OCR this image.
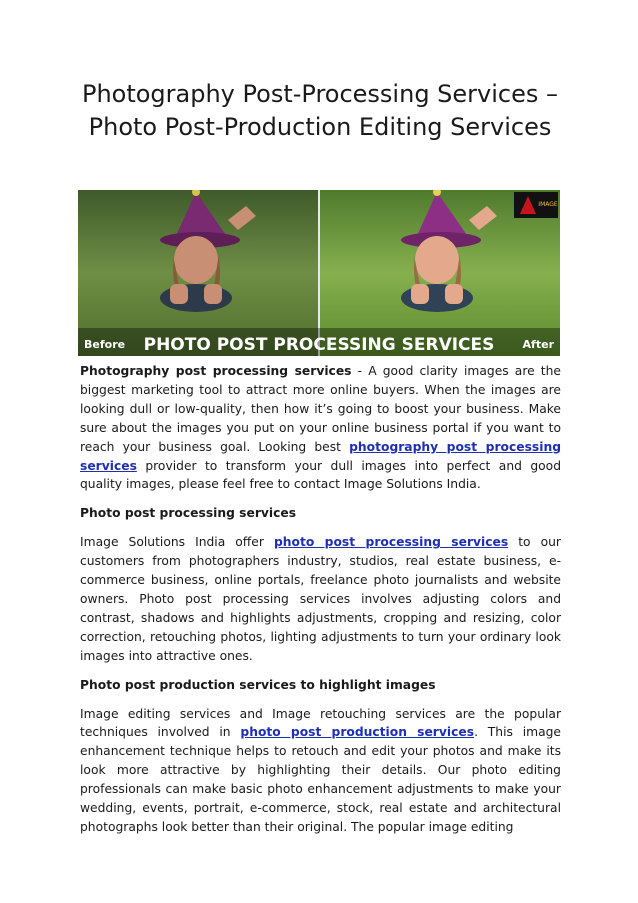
Photography Post-Processing Services – Photo Post-Production Editing Services
IMAGE
Before PHOTO POST PROCESSING SERVICES	After

Photography post processing services - A good clarity images are the biggest marketing tool to attract more online buyers. When the images are looking dull or low-quality, then how it’s going to boost your business. Make sure about the images you put on your online business portal if you want to reach your business goal. Looking best photography post processing services provider to transform your dull images into perfect and good quality images, please feel free to contact Image Solutions India.

Photo post processing services

Image Solutions India offer photo post processing services to our customers from photographers industry, studios, real estate business, e-commerce business, online portals, freelance photo journalists and website owners. Photo post processing services involves adjusting colors and contrast, shadows and highlights adjustments, cropping and resizing, color correction, retouching photos, lighting adjustments to turn your ordinary look images into attractive ones.

Photo post production services to highlight images

Image editing services and Image retouching services are the popular techniques involved in photo post production services. This image enhancement technique helps to retouch and edit your photos and make its look more attractive by highlighting their details. Our photo editing professionals can make basic photo enhancement adjustments to make your wedding, events, portrait, e-commerce, stock, real estate and architectural photographs look better than their original. The popular image editing
